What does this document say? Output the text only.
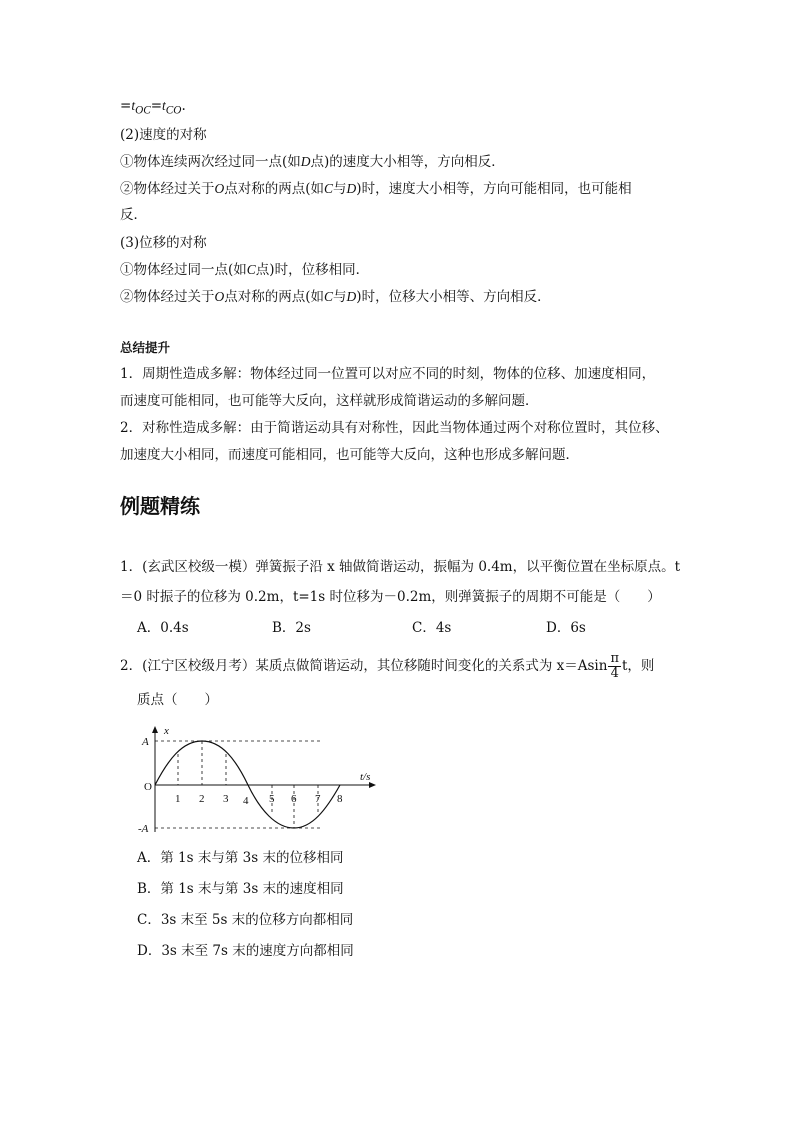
$=t_{OC}=t_{CO}$.
(2)速度的对称
①物体连续两次经过同一点(如D点)的速度大小相等，方向相反．
②物体经过关于O点对称的两点(如C与D)时，速度大小相等，方向可能相同，也可能相
反．
(3)位移的对称
①物体经过同一点(如C点)时，位移相同．
②物体经过关于O点对称的两点(如C与D)时，位移大小相等、方向相反．
总结提升
1．周期性造成多解：物体经过同一位置可以对应不同的时刻，物体的位移、加速度相同，
而速度可能相同，也可能等大反向，这样就形成简谐运动的多解问题．
2．对称性造成多解：由于简谐运动具有对称性，因此当物体通过两个对称位置时，其位移、
加速度大小相同，而速度可能相同，也可能等大反向，这种也形成多解问题．
例题精练
1．(玄武区校级一模）弹簧振子沿 x 轴做简谐运动，振幅为 0.4m，以平衡位置在坐标原点。t
＝0 时振子的位移为 0.2m，t=1s 时位移为－0.2m，则弹簧振子的周期不可能是（　　）
A．0.4s	B．2s	C．4s	D．6s
2．(江宁区校级月考）某质点做简谐运动，其位移随时间变化的关系式为 $x=Asin \frac{\pi}{4}$ t，则
质点（　　）
x
t/s
O
A
-A
1 2 3 4 5 6 7 8
A．第 1s 末与第 3s 末的位移相同
B．第 1s 末与第 3s 末的速度相同
C．3s 末至 5s 末的位移方向都相同
D．3s 末至 7s 末的速度方向都相同
